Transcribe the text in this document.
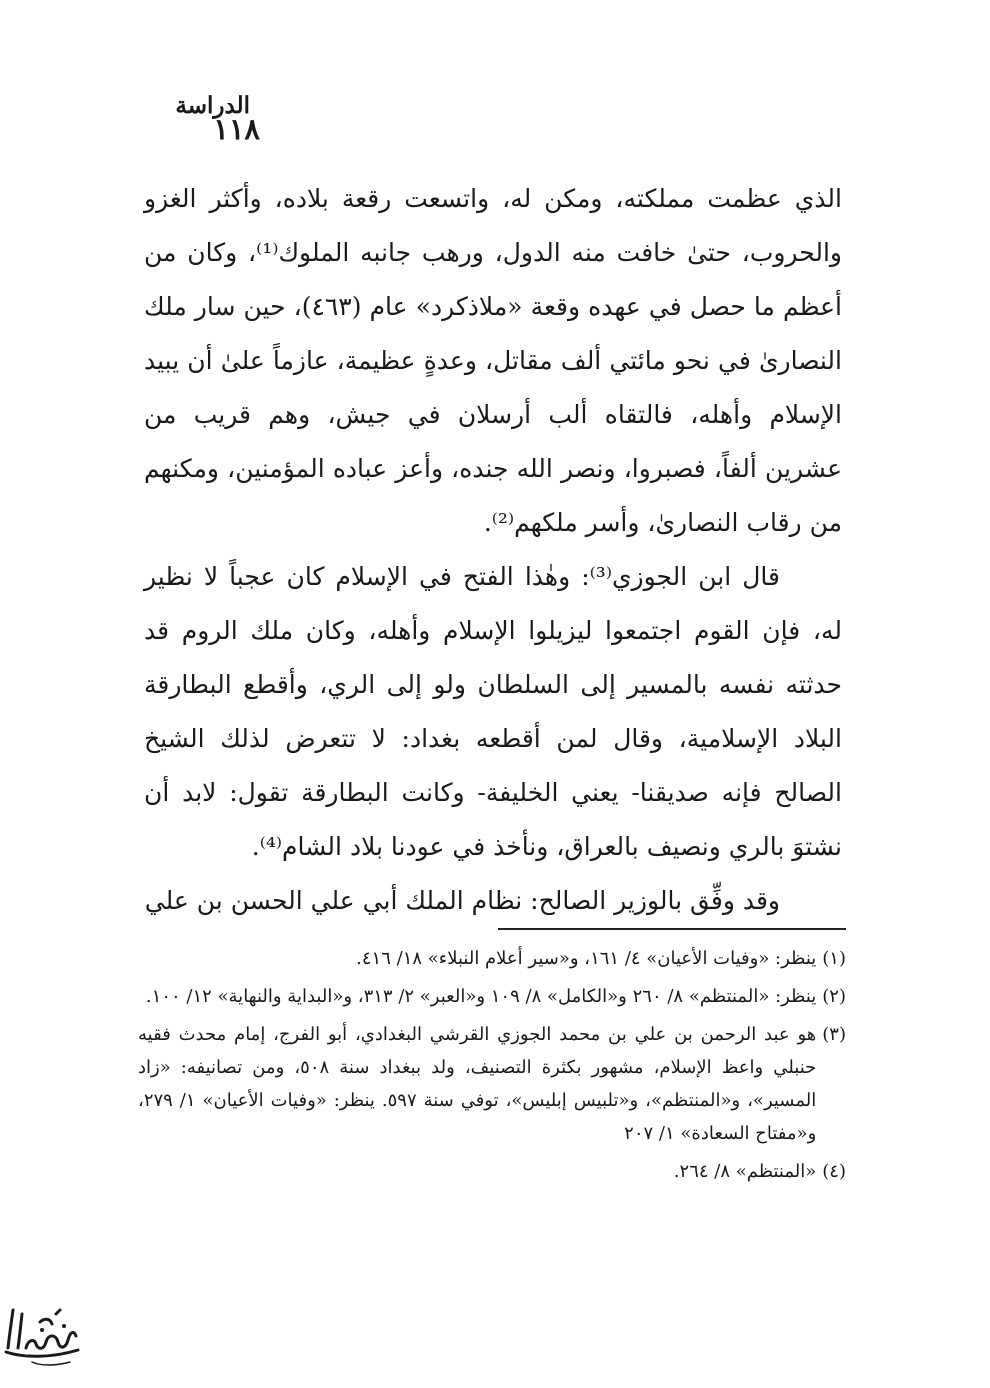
الدراسة
١١٨

الذي عظمت مملكته، ومكن له، واتسعت رقعة بلاده، وأكثر الغزو والحروب، حتىٰ خافت منه الدول، ورهب جانبه الملوك⁽¹⁾، وكان من أعظم ما حصل في عهده وقعة «ملاذكرد» عام (٤٦٣)، حين سار ملك النصارىٰ في نحو مائتي ألف مقاتل، وعدةٍ عظيمة، عازماً علىٰ أن يبيد الإسلام وأهله، فالتقاه ألب أرسلان في جيش، وهم قريب من عشرين ألفاً، فصبروا، ونصر الله جنده، وأعز عباده المؤمنين، ومكنهم من رقاب النصارىٰ، وأسر ملكهم⁽²⁾.

قال ابن الجوزي⁽³⁾: وهٰذا الفتح في الإسلام كان عجباً لا نظير له، فإن القوم اجتمعوا ليزيلوا الإسلام وأهله، وكان ملك الروم قد حدثته نفسه بالمسير إلى السلطان ولو إلى الري، وأقطع البطارقة البلاد الإسلامية، وقال لمن أقطعه بغداد: لا تتعرض لذلك الشيخ الصالح فإنه صديقنا- يعني الخليفة- وكانت البطارقة تقول: لابد أن نشتوَ بالري ونصيف بالعراق، ونأخذ في عودنا بلاد الشام⁽⁴⁾.

وقد وفِّق بالوزير الصالح: نظام الملك أبي علي الحسن بن علي

(١)
ينظر: «وفيات الأعيان» ٤/ ١٦١، و«سير أعلام النبلاء» ١٨/ ٤١٦.
(٢)
ينظر: «المنتظم» ٨/ ٢٦٠ و«الكامل» ٨/ ١٠٩ و«العبر» ٢/ ٣١٣، و«البداية والنهاية» ١٢/ ١٠٠.
(٣)
هو عبد الرحمن بن علي بن محمد الجوزي القرشي البغدادي، أبو الفرج، إمام محدث فقيه حنبلي واعظ الإسلام، مشهور بكثرة التصنيف، ولد ببغداد سنة ٥٠٨، ومن تصانيفه: «زاد المسير»، و«المنتظم»، و«تلبيس إبليس»، توفي سنة ٥٩٧. ينظر: «وفيات الأعيان» ١/ ٢٧٩، و«مفتاح السعادة» ١/ ٢٠٧
(٤)
«المنتظم» ٨/ ٢٦٤.
